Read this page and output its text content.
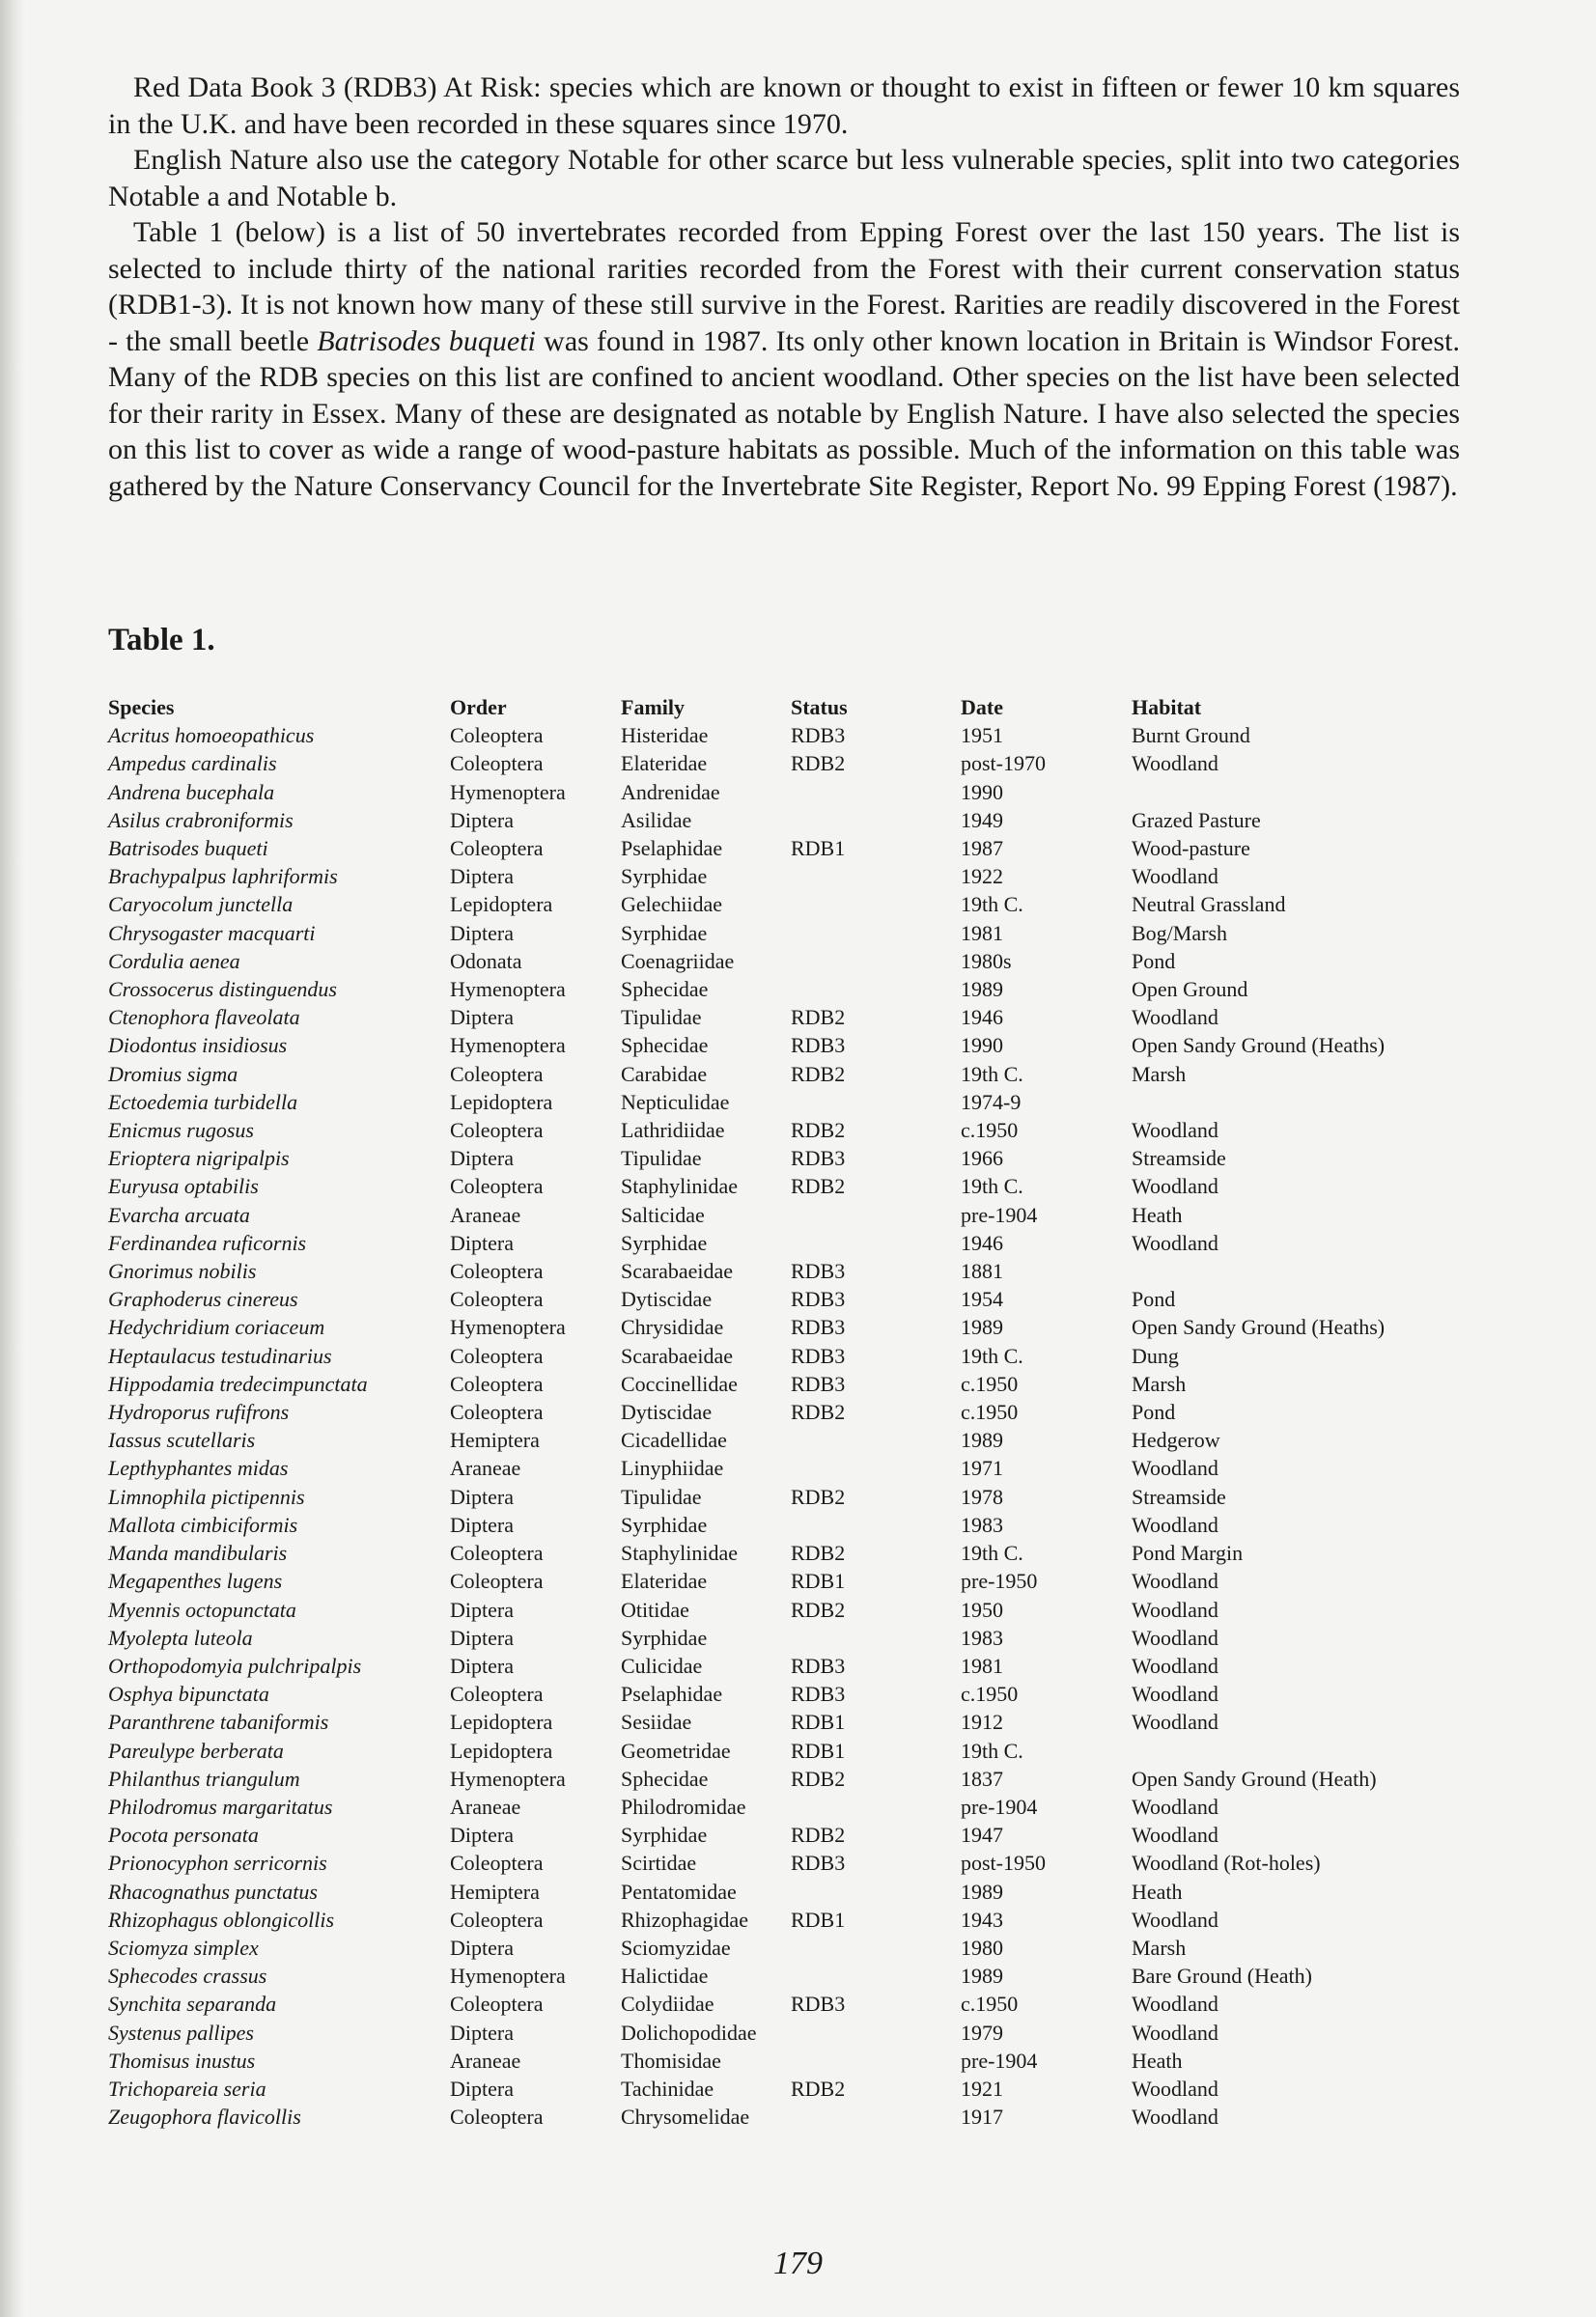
Red Data Book 3 (RDB3) At Risk: species which are known or thought to exist in fifteen or fewer 10 km squares in the U.K. and have been recorded in these squares since 1970.

English Nature also use the category Notable for other scarce but less vulnerable species, split into two categories Notable a and Notable b.

Table 1 (below) is a list of 50 invertebrates recorded from Epping Forest over the last 150 years. The list is selected to include thirty of the national rarities recorded from the Forest with their current conservation status (RDB1-3). It is not known how many of these still survive in the Forest. Rarities are readily discovered in the Forest - the small beetle Batrisodes buqueti was found in 1987. Its only other known location in Britain is Windsor Forest. Many of the RDB species on this list are confined to ancient woodland. Other species on the list have been selected for their rarity in Essex. Many of these are designated as notable by English Nature. I have also selected the species on this list to cover as wide a range of wood-pasture habitats as possible. Much of the information on this table was gathered by the Nature Conservancy Council for the Invertebrate Site Register, Report No. 99 Epping Forest (1987).

Table 1.
Species	Order	Family	Status	Date	Habitat
Acritus homoeopathicus	Coleoptera	Histeridae	RDB3	1951	Burnt Ground
Ampedus cardinalis	Coleoptera	Elateridae	RDB2	post-1970	Woodland
Andrena bucephala	Hymenoptera	Andrenidae		1990	
Asilus crabroniformis	Diptera	Asilidae		1949	Grazed Pasture
Batrisodes buqueti	Coleoptera	Pselaphidae	RDB1	1987	Wood-pasture
Brachypalpus laphriformis	Diptera	Syrphidae		1922	Woodland
Caryocolum junctella	Lepidoptera	Gelechiidae		19th C.	Neutral Grassland
Chrysogaster macquarti	Diptera	Syrphidae		1981	Bog/Marsh
Cordulia aenea	Odonata	Coenagriidae		1980s	Pond
Crossocerus distinguendus	Hymenoptera	Sphecidae		1989	Open Ground
Ctenophora flaveolata	Diptera	Tipulidae	RDB2	1946	Woodland
Diodontus insidiosus	Hymenoptera	Sphecidae	RDB3	1990	Open Sandy Ground (Heaths)
Dromius sigma	Coleoptera	Carabidae	RDB2	19th C.	Marsh
Ectoedemia turbidella	Lepidoptera	Nepticulidae		1974-9	
Enicmus rugosus	Coleoptera	Lathridiidae	RDB2	c.1950	Woodland
Erioptera nigripalpis	Diptera	Tipulidae	RDB3	1966	Streamside
Euryusa optabilis	Coleoptera	Staphylinidae	RDB2	19th C.	Woodland
Evarcha arcuata	Araneae	Salticidae		pre-1904	Heath
Ferdinandea ruficornis	Diptera	Syrphidae		1946	Woodland
Gnorimus nobilis	Coleoptera	Scarabaeidae	RDB3	1881	
Graphoderus cinereus	Coleoptera	Dytiscidae	RDB3	1954	Pond
Hedychridium coriaceum	Hymenoptera	Chrysididae	RDB3	1989	Open Sandy Ground (Heaths)
Heptaulacus testudinarius	Coleoptera	Scarabaeidae	RDB3	19th C.	Dung
Hippodamia tredecimpunctata	Coleoptera	Coccinellidae	RDB3	c.1950	Marsh
Hydroporus rufifrons	Coleoptera	Dytiscidae	RDB2	c.1950	Pond
Iassus scutellaris	Hemiptera	Cicadellidae		1989	Hedgerow
Lepthyphantes midas	Araneae	Linyphiidae		1971	Woodland
Limnophila pictipennis	Diptera	Tipulidae	RDB2	1978	Streamside
Mallota cimbiciformis	Diptera	Syrphidae		1983	Woodland
Manda mandibularis	Coleoptera	Staphylinidae	RDB2	19th C.	Pond Margin
Megapenthes lugens	Coleoptera	Elateridae	RDB1	pre-1950	Woodland
Myennis octopunctata	Diptera	Otitidae	RDB2	1950	Woodland
Myolepta luteola	Diptera	Syrphidae		1983	Woodland
Orthopodomyia pulchripalpis	Diptera	Culicidae	RDB3	1981	Woodland
Osphya bipunctata	Coleoptera	Pselaphidae	RDB3	c.1950	Woodland
Paranthrene tabaniformis	Lepidoptera	Sesiidae	RDB1	1912	Woodland
Pareulype berberata	Lepidoptera	Geometridae	RDB1	19th C.	
Philanthus triangulum	Hymenoptera	Sphecidae	RDB2	1837	Open Sandy Ground (Heath)
Philodromus margaritatus	Araneae	Philodromidae		pre-1904	Woodland
Pocota personata	Diptera	Syrphidae	RDB2	1947	Woodland
Prionocyphon serricornis	Coleoptera	Scirtidae	RDB3	post-1950	Woodland (Rot-holes)
Rhacognathus punctatus	Hemiptera	Pentatomidae		1989	Heath
Rhizophagus oblongicollis	Coleoptera	Rhizophagidae	RDB1	1943	Woodland
Sciomyza simplex	Diptera	Sciomyzidae		1980	Marsh
Sphecodes crassus	Hymenoptera	Halictidae		1989	Bare Ground (Heath)
Synchita separanda	Coleoptera	Colydiidae	RDB3	c.1950	Woodland
Systenus pallipes	Diptera	Dolichopodidae		1979	Woodland
Thomisus inustus	Araneae	Thomisidae		pre-1904	Heath
Trichopareia seria	Diptera	Tachinidae	RDB2	1921	Woodland
Zeugophora flavicollis	Coleoptera	Chrysomelidae		1917	Woodland
179
